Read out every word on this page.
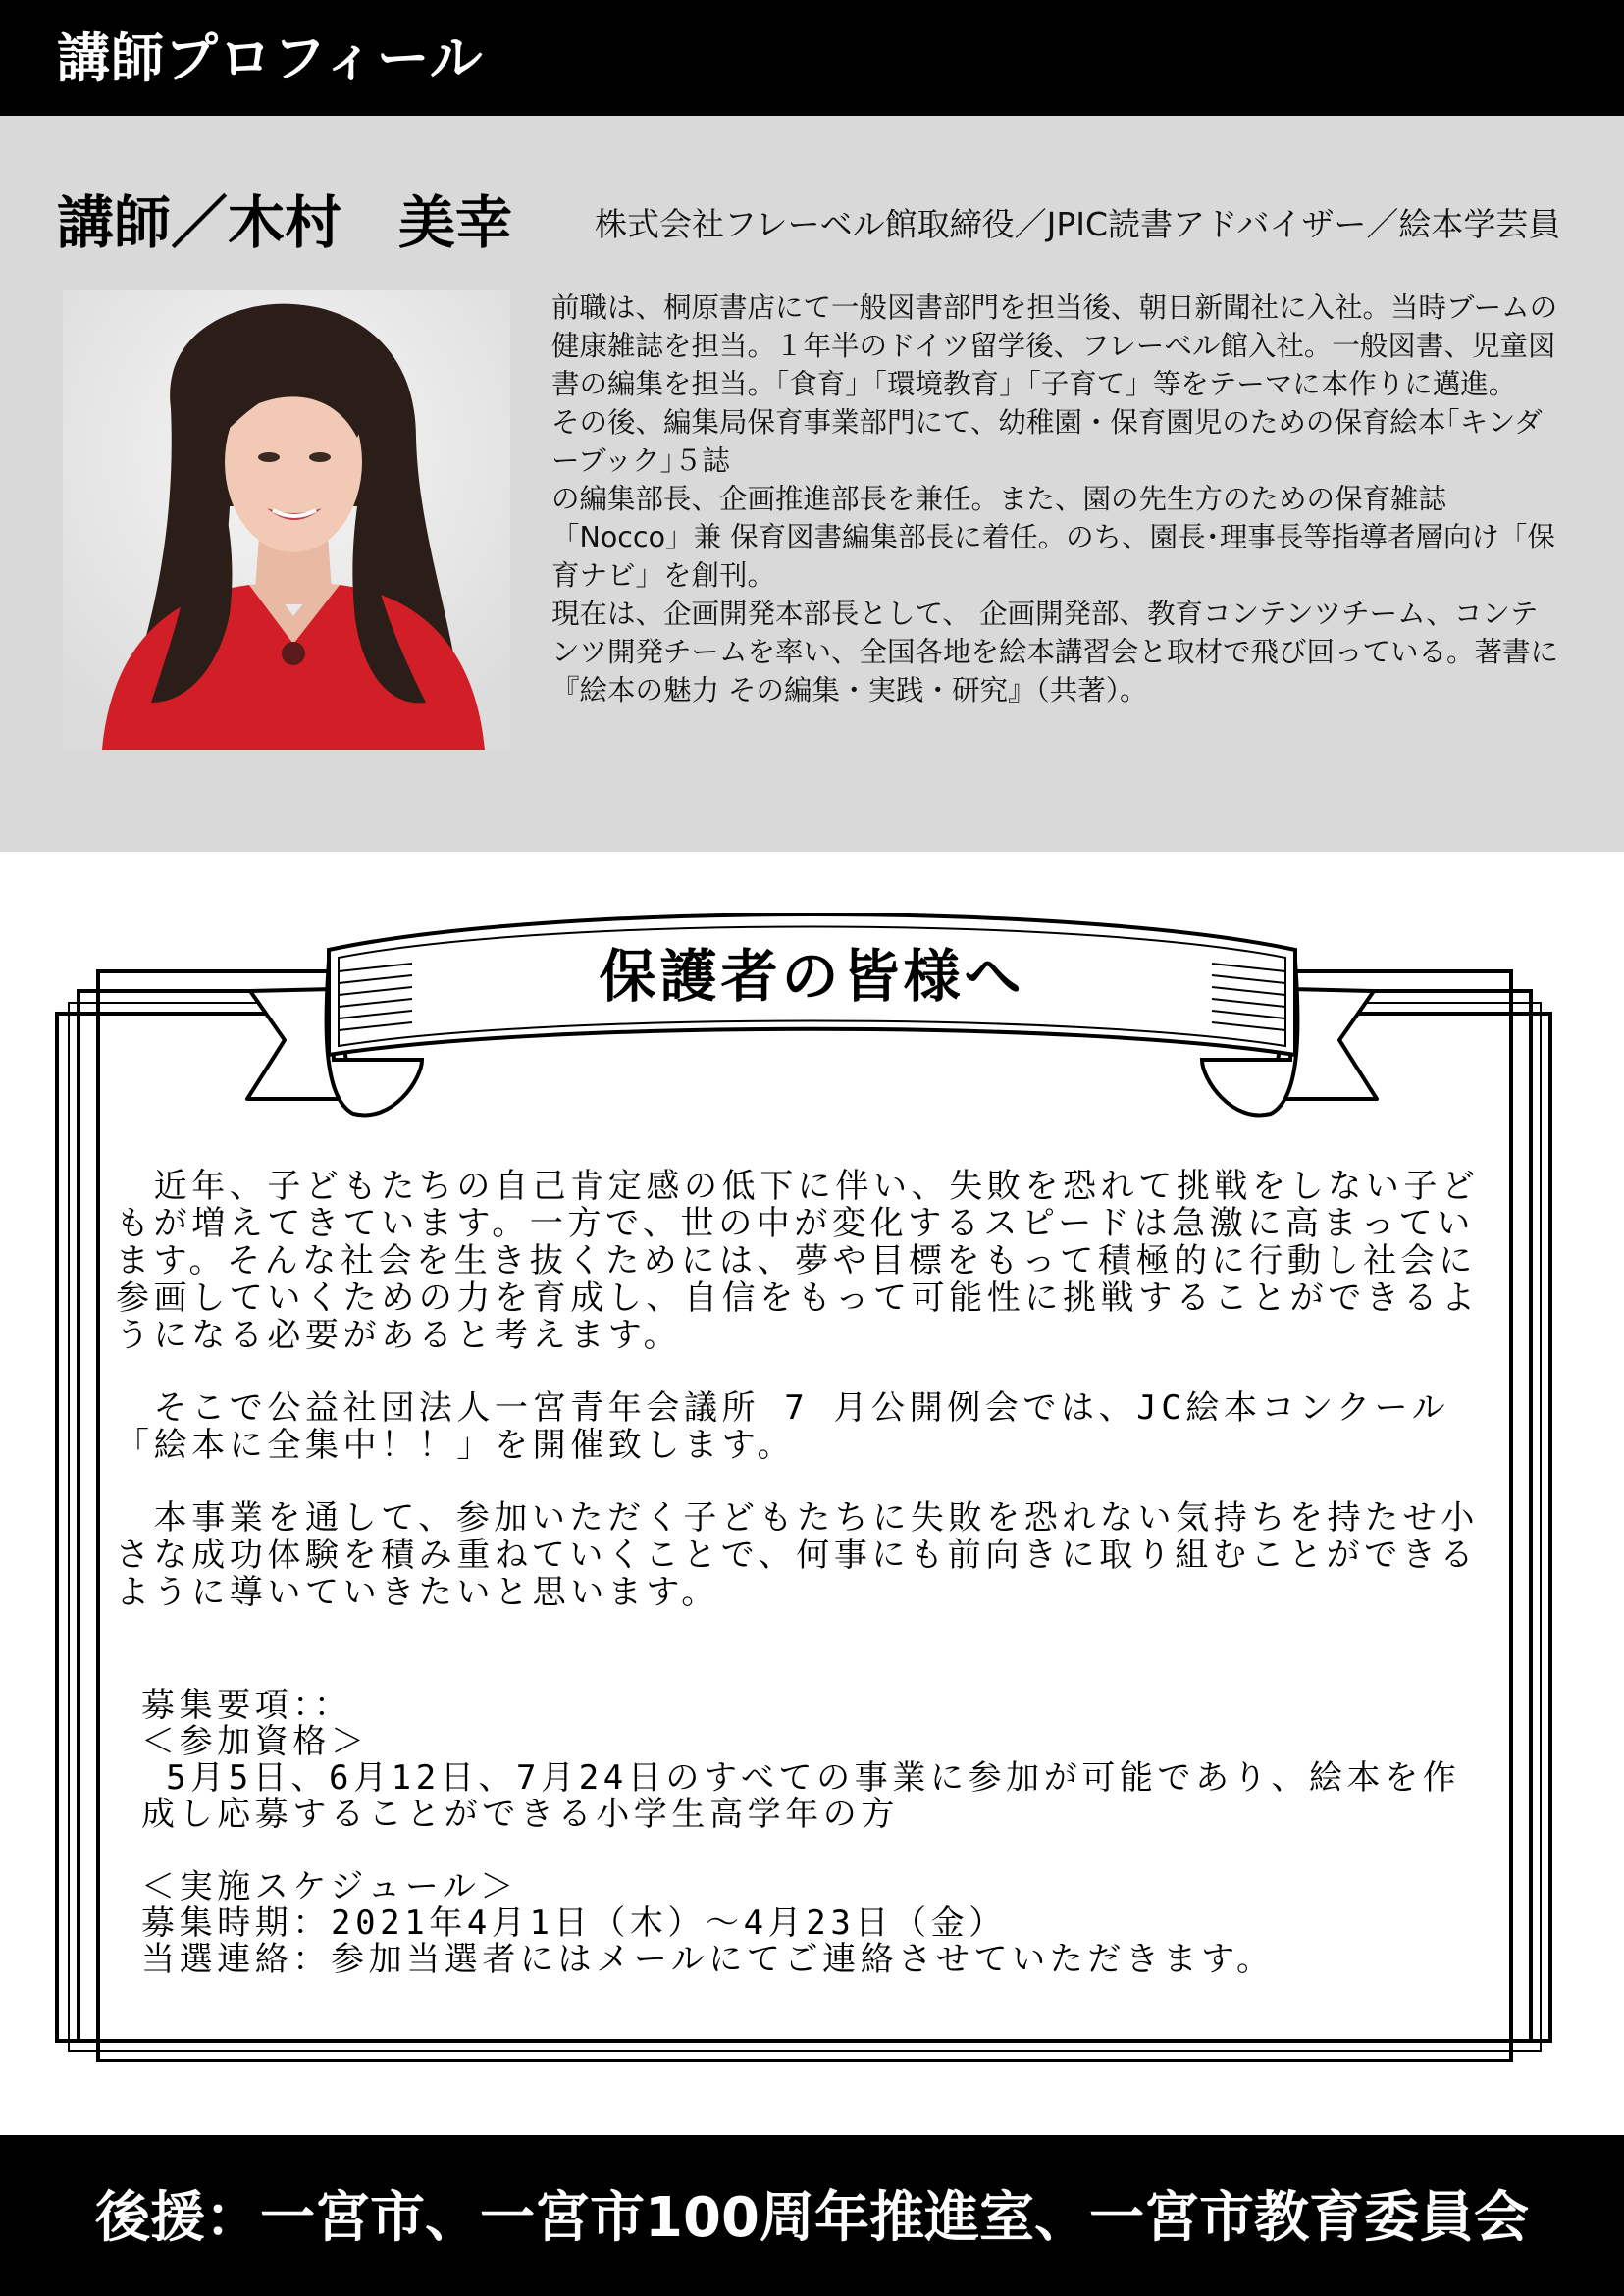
講師プロフィール
講師／木村　美幸	株式会社フレーベル館取締役／JPIC読書アドバイザー／絵本学芸員

前職は、桐原書店にて一般図書部門を担当後、朝日新聞社に入社。当時ブームの健康雑誌を担当。１年半のドイツ留学後、フレーベル館入社。一般図書、児童図書の編集を担当。「食育」「環境教育」「子育て」等をテーマに本作りに邁進。

その後、編集局保育事業部門にて、幼稚園・保育園児のための保育絵本｢キンダーブック｣５誌

の編集部長、企画推進部長を兼任。また、園の先生方のための保育雑誌「Nocco」兼 保育図書編集部長に着任。のち、園長･理事長等指導者層向け「保育ナビ」を創刊。

現在は、企画開発本部長として、 企画開発部、教育コンテンツチーム、コンテンツ開発チームを率い、全国各地を絵本講習会と取材で飛び回っている。著書に『絵本の魅力 その編集・実践・研究』（共著）。

保護者の皆様へ

　近年、子どもたちの自己肯定感の低下に伴い、失敗を恐れて挑戦をしない子どもが増えてきています。一方で、世の中が変化するスピードは急激に高まっています。そんな社会を生き抜くためには、夢や目標をもって積極的に行動し社会に参画していくための力を育成し、自信をもって可能性に挑戦することができるようになる必要があると考えます。

　そこで公益社団法人一宮青年会議所 7 月公開例会では、JC絵本コンクール「絵本に全集中！！」を開催致します。

　本事業を通して、参加いただく子どもたちに失敗を恐れない気持ちを持たせ小さな成功体験を積み重ねていくことで、何事にも前向きに取り組むことができるように導いていきたいと思います。

募集要項：：
＜参加資格＞
5月5日、6月12日、7月24日のすべての事業に参加が可能であり、絵本を作成し応募することができる小学生高学年の方
＜実施スケジュール＞
募集時期：2021年4月1日（木）～4月23日（金）
当選連絡：参加当選者にはメールにてご連絡させていただきます。
後援：一宮市、一宮市100周年推進室、一宮市教育委員会
